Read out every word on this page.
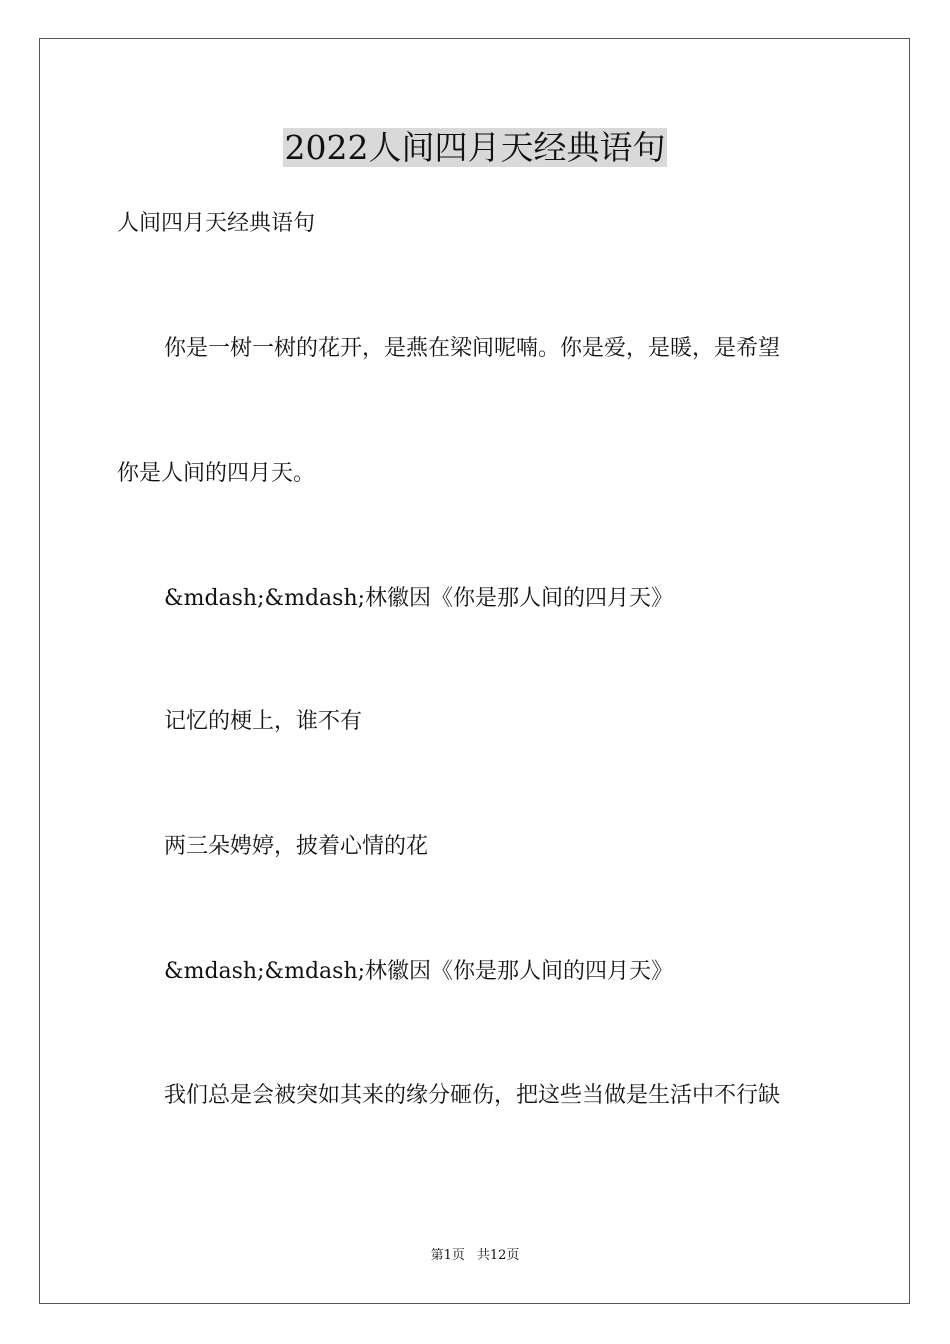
2022人间四月天经典语句

人间四月天经典语句

你是一树一树的花开，是燕在梁间呢喃。你是爱，是暖，是希望

你是人间的四月天。

&mdash;&mdash;林徽因《你是那人间的四月天》

记忆的梗上，谁不有

两三朵娉婷，披着心情的花

&mdash;&mdash;林徽因《你是那人间的四月天》

我们总是会被突如其来的缘分砸伤，把这些当做是生活中不行缺

第1页 共12页
